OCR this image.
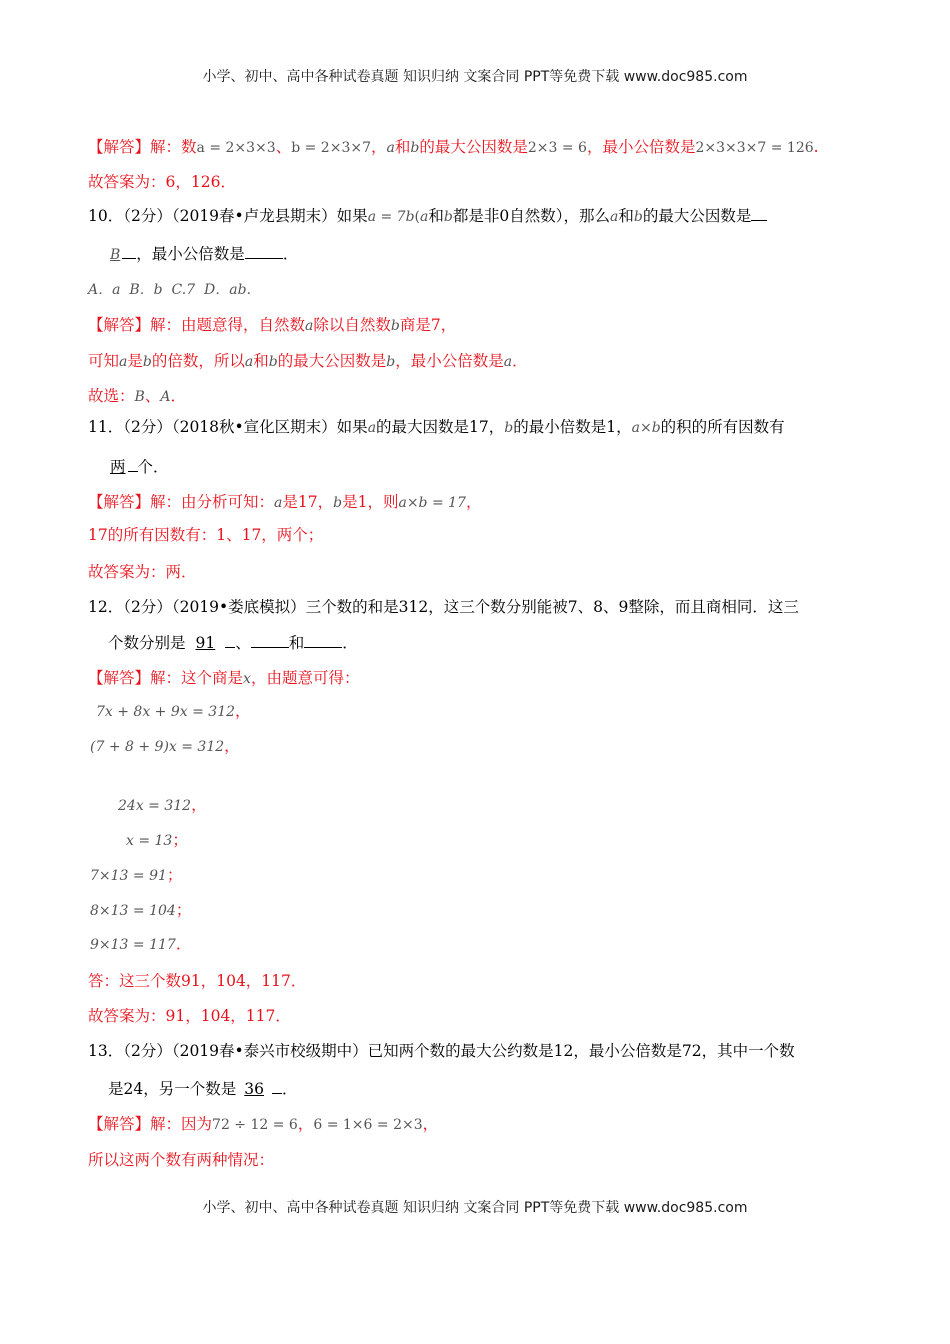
小学、初中、高中各种试卷真题 知识归纳 文案合同 PPT等免费下载 www.doc985.com
【解答】解：数a = 2×3×3、b = 2×3×7，a和b的最大公因数是2×3 = 6，最小公倍数是2×3×3×7 = 126.
故答案为：6，126．
10．（2分）（2019春•卢龙县期末）如果a = 7b(a和b都是非0自然数），那么a和b的最大公因数是
B ，最小公倍数是 ．
A．a B．b C.7 D．ab.
【解答】解：由题意得，自然数a除以自然数b商是7，
可知a是b的倍数，所以a和b的最大公因数是b，最小公倍数是a．
故选：B、A．
11．（2分）（2018秋•宣化区期末）如果a的最大因数是17，b的最小倍数是1，a×b的积的所有因数有
两 个．
【解答】解：由分析可知：a是17，b是1，则a×b = 17，
17的所有因数有：1、17，两个；
故答案为：两．
12．（2分）（2019•娄底模拟）三个数的和是312，这三个数分别能被7、8、9整除，而且商相同．这三
个数分别是 91 、 和 ．
【解答】解：这个商是x，由题意可得：
7x + 8x + 9x = 312，
(7 + 8 + 9)x = 312，
24x = 312，
x = 13；
7×13 = 91；
8×13 = 104；
9×13 = 117．
答：这三个数91，104，117．
故答案为：91，104，117．
13．（2分）（2019春•泰兴市校级期中）已知两个数的最大公约数是12，最小公倍数是72，其中一个数
是24，另一个数是 36 ．
【解答】解：因为72 ÷ 12 = 6，6 = 1×6 = 2×3，
所以这两个数有两种情况：
小学、初中、高中各种试卷真题 知识归纳 文案合同 PPT等免费下载 www.doc985.com
